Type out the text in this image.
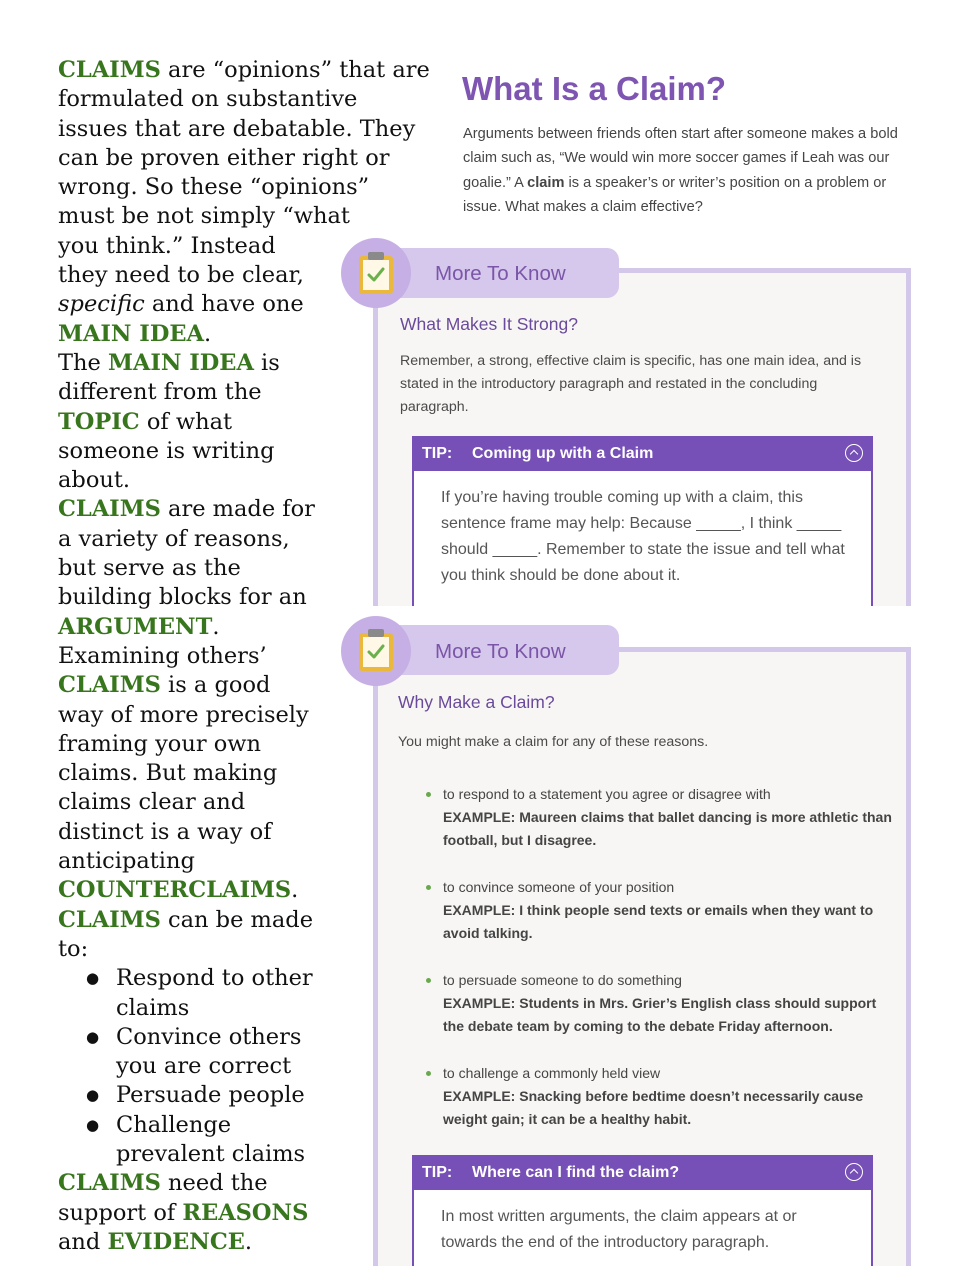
CLAIMS are “opinions” that are formulated on substantive issues that are debatable. They can be proven either right or wrong. So these “opinions” must be not simply “what

you think.” Instead they need to be clear, specific and have one MAIN IDEA.

The MAIN IDEA is different from the TOPIC of what someone is writing about.

CLAIMS are made for a variety of reasons, but serve as the building blocks for an ARGUMENT.

Examining others’ CLAIMS is a good way of more precisely framing your own claims. But making claims clear and distinct is a way of anticipating COUNTERCLAIMS.

CLAIMS can be made to:

● Respond to other claims
● Convince others you are correct
● Persuade people
● Challenge prevalent claims

CLAIMS need the support of REASONS and EVIDENCE.

What Is a Claim?

Arguments between friends often start after someone makes a bold claim such as, “We would win more soccer games if Leah was our goalie.” A claim is a speaker’s or writer’s position on a problem or issue. What makes a claim effective?

More To Know
What Makes It Strong?

Remember, a strong, effective claim is specific, has one main idea, and is stated in the introductory paragraph and restated in the concluding paragraph.

TIP: Coming up with a Claim

If you’re having trouble coming up with a claim, this sentence frame may help: Because _____, I think _____ should _____. Remember to state the issue and tell what you think should be done about it.

More To Know
Why Make a Claim?

You might make a claim for any of these reasons.

to respond to a statement you agree or disagree with
EXAMPLE: Maureen claims that ballet dancing is more athletic than football, but I disagree.
to convince someone of your position
EXAMPLE: I think people send texts or emails when they want to avoid talking.
to persuade someone to do something
EXAMPLE: Students in Mrs. Grier’s English class should support the debate team by coming to the debate Friday afternoon.
to challenge a commonly held view
EXAMPLE: Snacking before bedtime doesn’t necessarily cause weight gain; it can be a healthy habit.
TIP: Where can I find the claim?

In most written arguments, the claim appears at or towards the end of the introductory paragraph.
